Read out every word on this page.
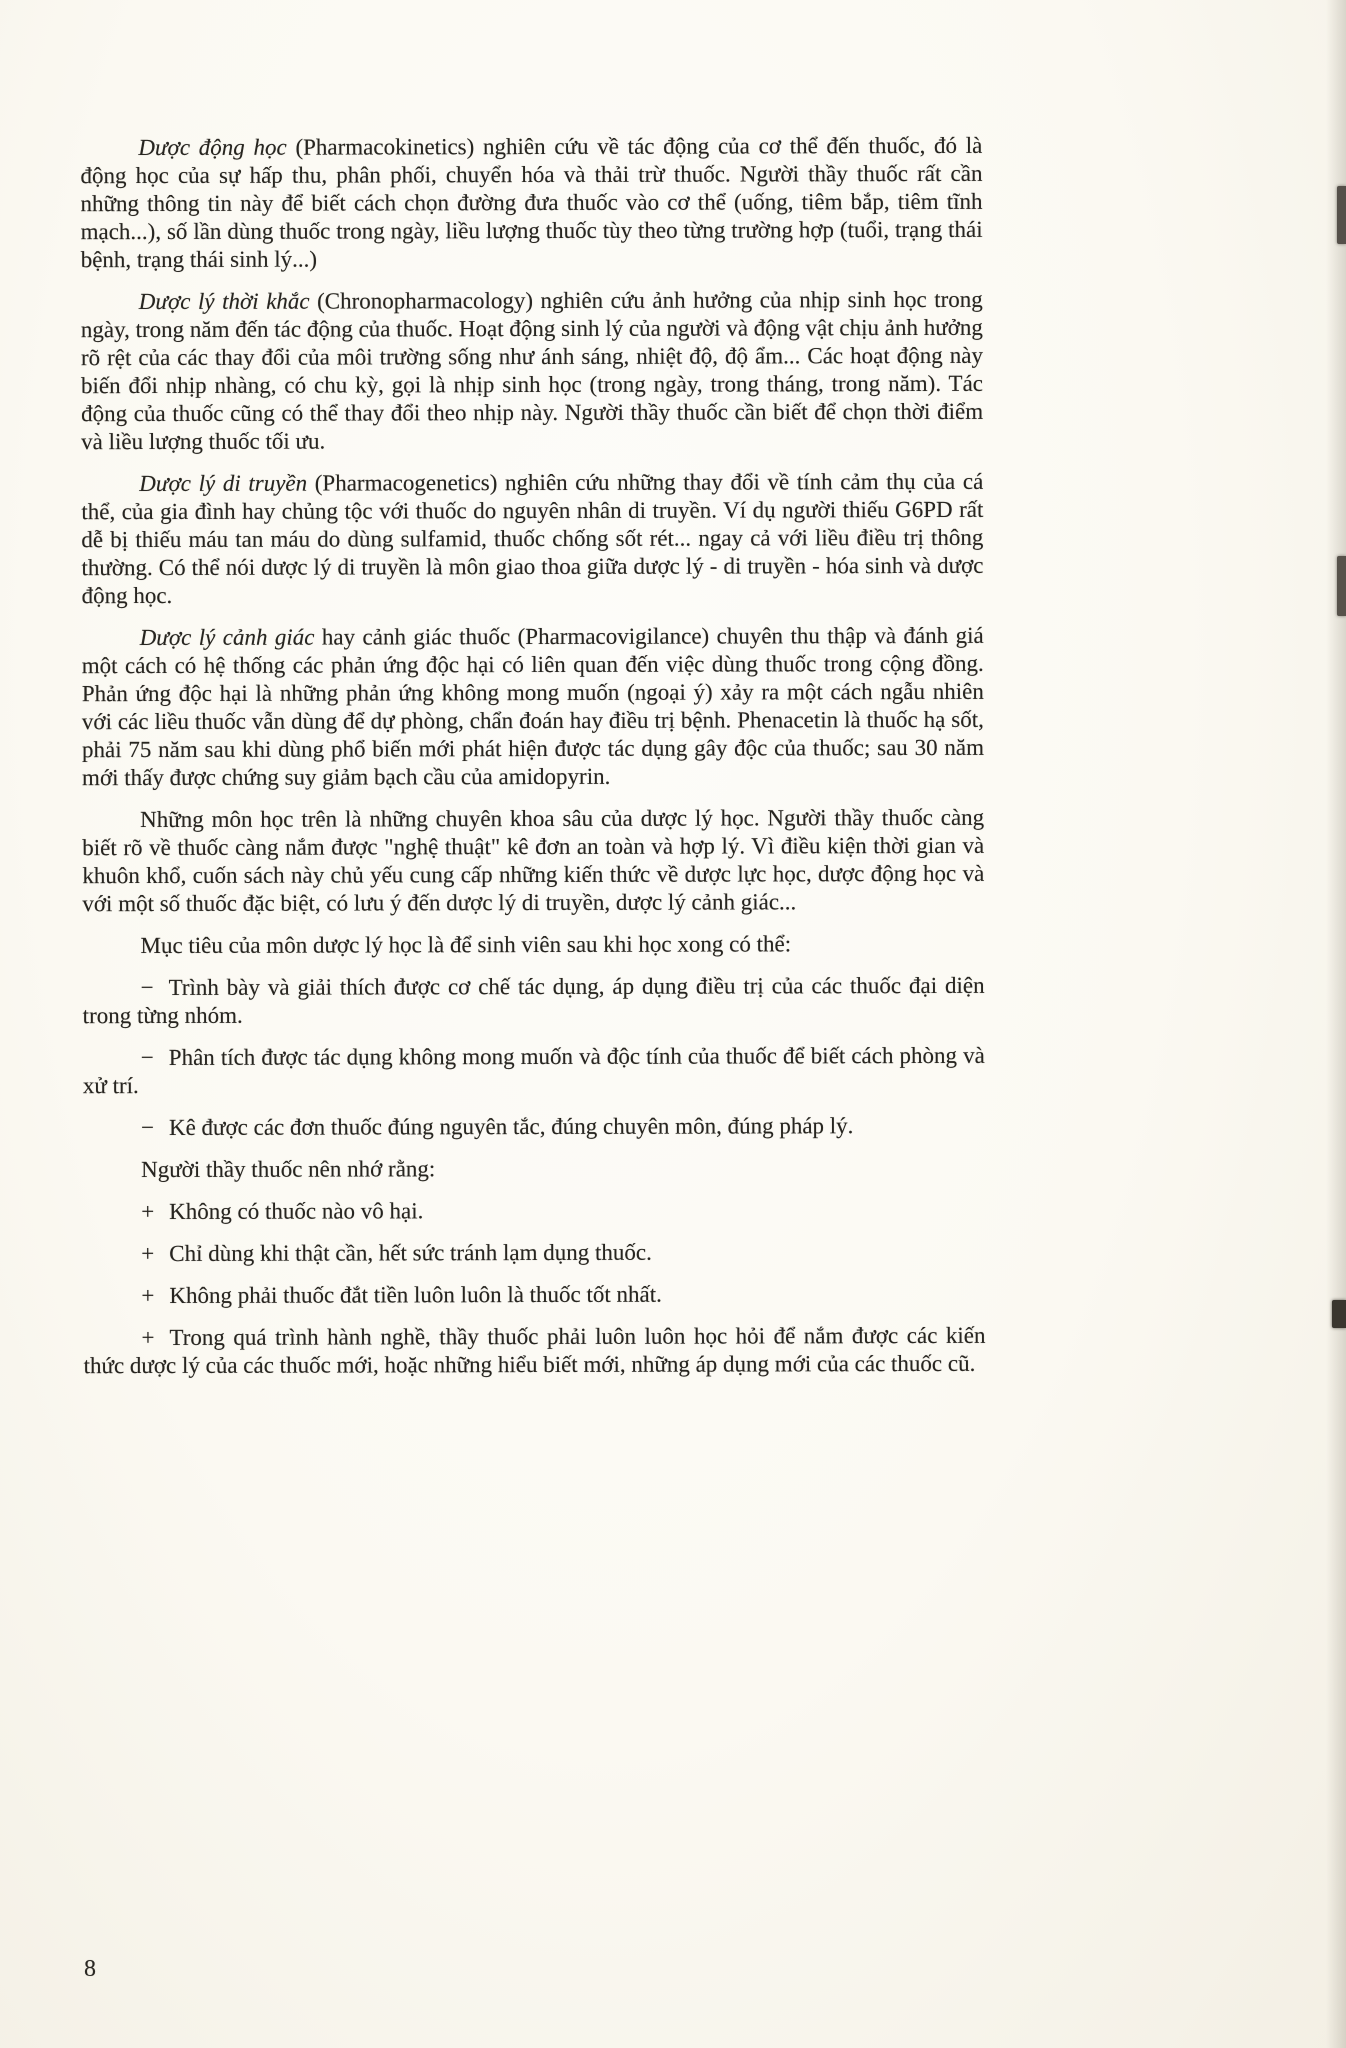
Dược động học (Pharmacokinetics) nghiên cứu về tác động của cơ thể đến thuốc, đó là động học của sự hấp thu, phân phối, chuyển hóa và thải trừ thuốc. Người thầy thuốc rất cần những thông tin này để biết cách chọn đường đưa thuốc vào cơ thể (uống, tiêm bắp, tiêm tĩnh mạch...), số lần dùng thuốc trong ngày, liều lượng thuốc tùy theo từng trường hợp (tuổi, trạng thái bệnh, trạng thái sinh lý...)

Dược lý thời khắc (Chronopharmacology) nghiên cứu ảnh hưởng của nhịp sinh học trong ngày, trong năm đến tác động của thuốc. Hoạt động sinh lý của người và động vật chịu ảnh hưởng rõ rệt của các thay đổi của môi trường sống như ánh sáng, nhiệt độ, độ ẩm... Các hoạt động này biến đổi nhịp nhàng, có chu kỳ, gọi là nhịp sinh học (trong ngày, trong tháng, trong năm). Tác động của thuốc cũng có thể thay đổi theo nhịp này. Người thầy thuốc cần biết để chọn thời điểm và liều lượng thuốc tối ưu.

Dược lý di truyền (Pharmacogenetics) nghiên cứu những thay đổi về tính cảm thụ của cá thể, của gia đình hay chủng tộc với thuốc do nguyên nhân di truyền. Ví dụ người thiếu G6PD rất dễ bị thiếu máu tan máu do dùng sulfamid, thuốc chống sốt rét... ngay cả với liều điều trị thông thường. Có thể nói dược lý di truyền là môn giao thoa giữa dược lý - di truyền - hóa sinh và dược động học.

Dược lý cảnh giác hay cảnh giác thuốc (Pharmacovigilance) chuyên thu thập và đánh giá một cách có hệ thống các phản ứng độc hại có liên quan đến việc dùng thuốc trong cộng đồng. Phản ứng độc hại là những phản ứng không mong muốn (ngoại ý) xảy ra một cách ngẫu nhiên với các liều thuốc vẫn dùng để dự phòng, chẩn đoán hay điều trị bệnh. Phenacetin là thuốc hạ sốt, phải 75 năm sau khi dùng phổ biến mới phát hiện được tác dụng gây độc của thuốc; sau 30 năm mới thấy được chứng suy giảm bạch cầu của amidopyrin.

Những môn học trên là những chuyên khoa sâu của dược lý học. Người thầy thuốc càng biết rõ về thuốc càng nắm được "nghệ thuật" kê đơn an toàn và hợp lý. Vì điều kiện thời gian và khuôn khổ, cuốn sách này chủ yếu cung cấp những kiến thức về dược lực học, dược động học và với một số thuốc đặc biệt, có lưu ý đến dược lý di truyền, dược lý cảnh giác...

Mục tiêu của môn dược lý học là để sinh viên sau khi học xong có thể:

− Trình bày và giải thích được cơ chế tác dụng, áp dụng điều trị của các thuốc đại diện trong từng nhóm.

− Phân tích được tác dụng không mong muốn và độc tính của thuốc để biết cách phòng và xử trí.

− Kê được các đơn thuốc đúng nguyên tắc, đúng chuyên môn, đúng pháp lý.

Người thầy thuốc nên nhớ rằng:

+ Không có thuốc nào vô hại.

+ Chỉ dùng khi thật cần, hết sức tránh lạm dụng thuốc.

+ Không phải thuốc đắt tiền luôn luôn là thuốc tốt nhất.

+ Trong quá trình hành nghề, thầy thuốc phải luôn luôn học hỏi để nắm được các kiến thức dược lý của các thuốc mới, hoặc những hiểu biết mới, những áp dụng mới của các thuốc cũ.

8
